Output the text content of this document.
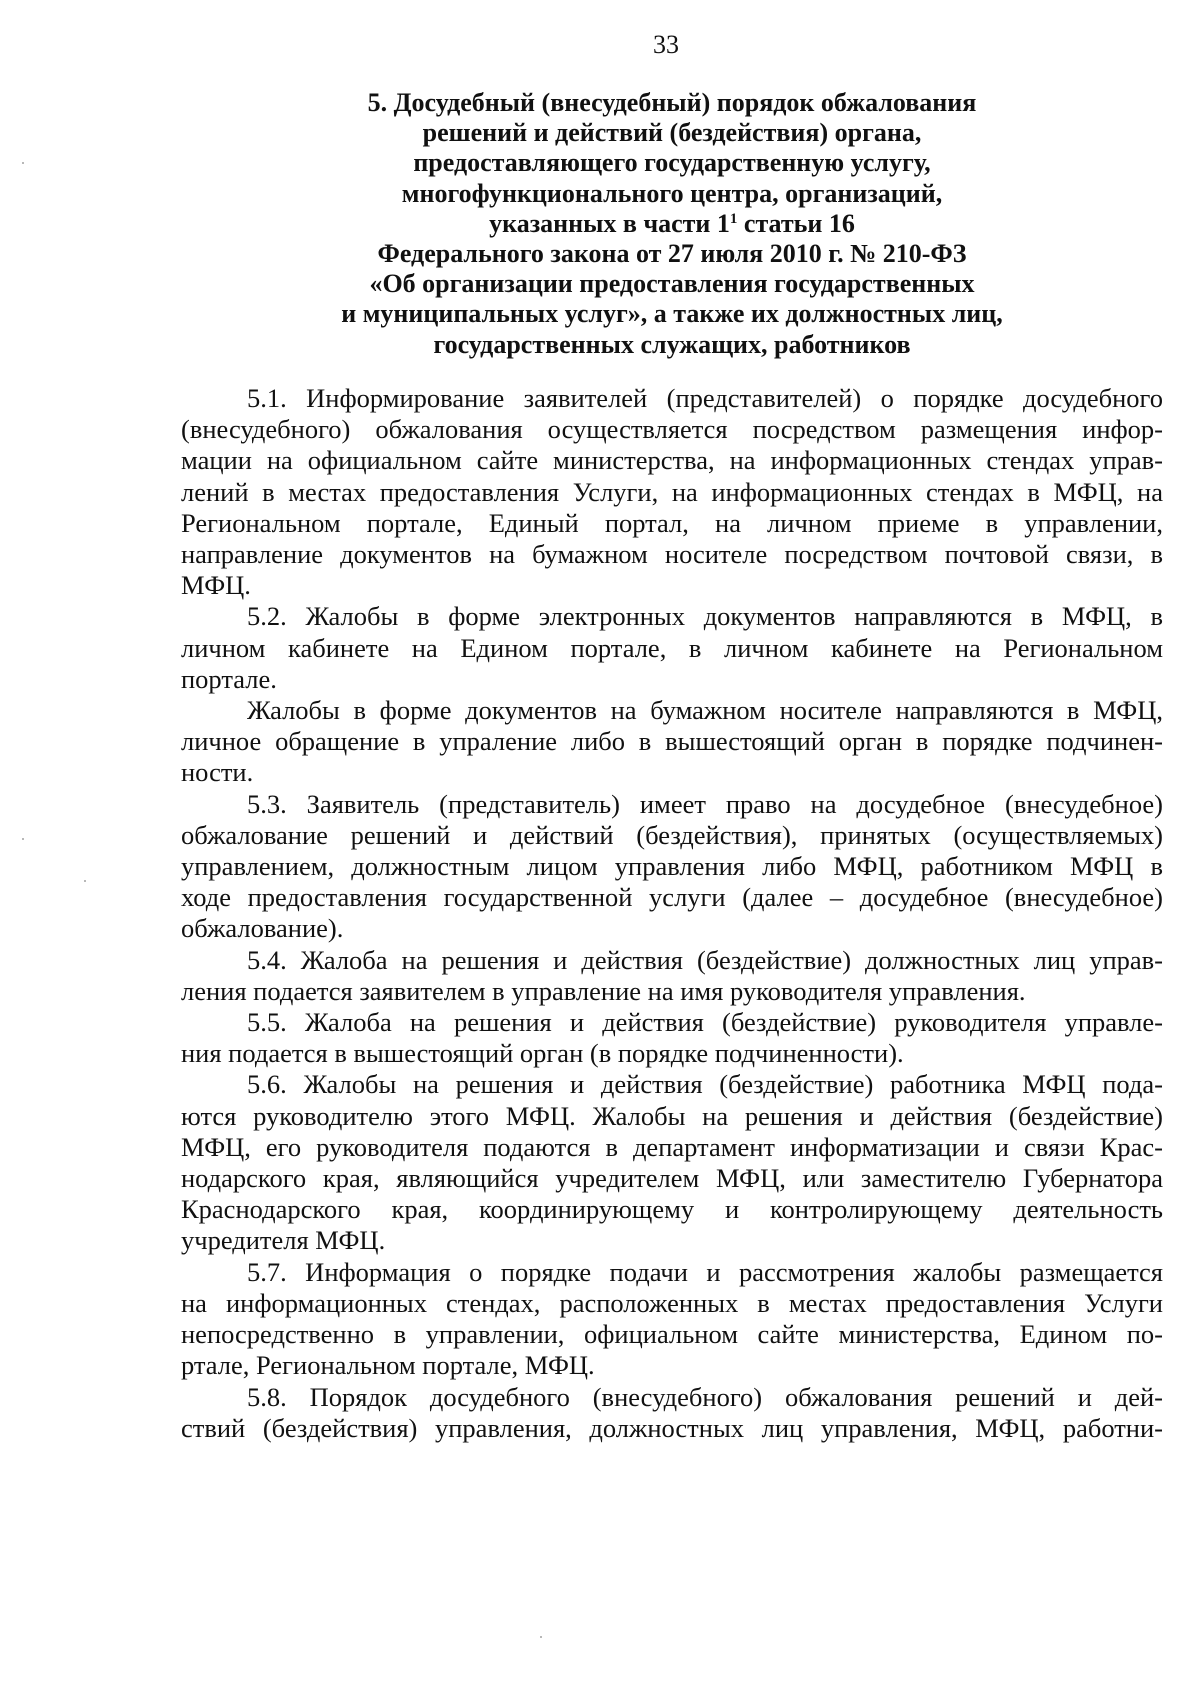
33
5. Досудебный (внесудебный) порядок обжалования
решений и действий (бездействия) органа,
предоставляющего государственную услугу,
многофункционального центра, организаций,
указанных в части $1^1$ статьи 16
Федерального закона от 27 июля 2010 г. № 210-ФЗ
«Об организации предоставления государственных
и муниципальных услуг», а также их должностных лиц,
государственных служащих, работников

5.1. Информирование заявителей (представителей) о порядке досудебного
(внесудебного) обжалования осуществляется посредством размещения инфор-
мации на официальном сайте министерства, на информационных стендах управ-
лений в местах предоставления Услуги, на информационных стендах в МФЦ, на
Региональном портале, Единый портал, на личном приеме в управлении,
направление документов на бумажном носителе посредством почтовой связи, в
МФЦ.

5.2. Жалобы в форме электронных документов направляются в МФЦ, в
личном кабинете на Едином портале, в личном кабинете на Региональном
портале.

Жалобы в форме документов на бумажном носителе направляются в МФЦ,
личное обращение в упраление либо в вышестоящий орган в порядке подчинен-
ности.

5.3. Заявитель (представитель) имеет право на досудебное (внесудебное)
обжалование решений и действий (бездействия), принятых (осуществляемых)
управлением, должностным лицом управления либо МФЦ, работником МФЦ в
ходе предоставления государственной услуги (далее – досудебное (внесудебное)
обжалование).

5.4. Жалоба на решения и действия (бездействие) должностных лиц управ-
ления подается заявителем в управление на имя руководителя управления.

5.5. Жалоба на решения и действия (бездействие) руководителя управле-
ния подается в вышестоящий орган (в порядке подчиненности).

5.6. Жалобы на решения и действия (бездействие) работника МФЦ пода-
ются руководителю этого МФЦ. Жалобы на решения и действия (бездействие)
МФЦ, его руководителя подаются в департамент информатизации и связи Крас-
нодарского края, являющийся учредителем МФЦ, или заместителю Губернатора
Краснодарского края, координирующему и контролирующему деятельность
учредителя МФЦ.

5.7. Информация о порядке подачи и рассмотрения жалобы размещается
на информационных стендах, расположенных в местах предоставления Услуги
непосредственно в управлении, официальном сайте министерства, Едином по-
ртале, Региональном портале, МФЦ.

5.8. Порядок досудебного (внесудебного) обжалования решений и дей-
ствий (бездействия) управления, должностных лиц управления, МФЦ, работни-
